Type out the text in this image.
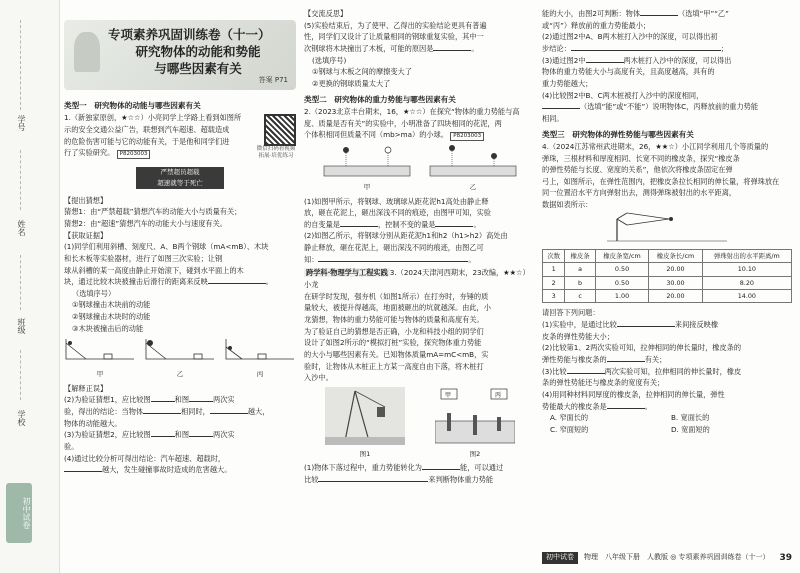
学号
姓名
班级
学校
初中试卷
专项素养巩固训练卷（十一）
研究物体的动能和势能
与哪些因素有关
答案 P71
类型一　研究物体的动能与哪些因素有关
微信扫码看视频 拓展·培优练习
1.（新独家原创，★☆☆）小亮同学上学路上看到如图所
示的安全交通公益广告，联想到汽车超速、超载造成
的危险伤害可能与它的动能有关，于是他和同学们进
行了实验研究。 P8203003
严禁超员超载
超速就等于死亡
【提出猜想】
猜想1：由“严禁超载”猜想汽车的动能大小与质量有关；
猜想2：由“超速”猜想汽车的动能大小与速度有关。
【获取证据】
(1)同学们利用斜槽、刻度尺、A、B两个钢球（mA<mB）、木块
和长木板等实验器材，进行了如图三次实验；让钢
球从斜槽的某一高度由静止开始滚下，碰到水平面上的木
块，通过比较木块被撞击后滑行的距离来反映	。
（选填序号）
①钢球撞击木块前的动能
②钢球撞击木块时的动能
③木块被撞击后的动能
甲	乙	丙
【解释正误】
(2)为验证猜想1，应比较图	和图	两次实
验，得出的结论：当物体	相同时，	越大，
物体的动能越大。
(3)为验证猜想2，应比较图	和图	两次实
验。
(4)通过比较分析可得出结论：汽车超速、超载时，
越大，发生碰撞事故时造成的危害越大。
【交流反思】
(5)实验结束后，为了使甲、乙得出的实验结论更具有普遍
性，同学们又设计了让质量相同的钢球重复实验，其中一
次钢球将木块撞出了木板，可能的原因是	。
(选填序号)
①钢球与木板之间的摩擦变大了
②更换的钢球质量太大了
类型二　研究物体的重力势能与哪些因素有关
2.（2023北京丰台期末，16，★☆☆）在探究“物体的重力势能与高
度、质量是否有关”的实验中，小明准备了四块相同的花泥，两
个体积相同但质量不同（mb>ma）的小球。 P8203003
甲	乙
(1)如图甲所示，将钢球、玻璃球从距花泥h1高处由静止释
放，砸在花泥上，砸出深浅不同的痕迹，由图甲可知，实验
的自变量是	，控制不变的量是	。
(2)如图乙所示，将钢球分别从距花泥h1和h2（h1>h2）高处由
静止释放，砸在花泥上，砸出深浅不同的痕迹，由图乙可
知：	。
跨学科·物理学与工程实践 3.（2024天津河西期末，23改编，★★☆）小龙
在研学时发现，强夯机（如图1所示）在打夯时，夯锤的质
量较大，被提升得越高，地面被砸出的坑就越深。由此，小
龙猜想，物体的重力势能可能与物体的质量和高度有关。
为了验证自己的猜想是否正确，小龙和科技小组的同学们
设计了如图2所示的“模拟打桩”实验，探究物体重力势能
的大小与哪些因素有关。已知物体质量mA=mC<mB，实
验时，让物体从木桩正上方某一高度自由下落，将木桩打
入沙中。
图1
甲	丙
图2
(1)物体下落过程中，重力势能转化为	能，可以通过
比较	来判断物体重力势能
能的大小，由图2可判断：物体	（选填“甲”“乙”
或“丙”）释放前的重力势能最小；
(2)通过图2中A、B两木桩打入沙中的深度，可以得出初
步结论：	；
(3)通过图2中	两木桩打入沙中的深度，可以得出
物体的重力势能大小与高度有关，且高度越高，具有的
重力势能越大；
(4)比较图2中B、C两木桩被打入沙中的深度相同，
（选填“能”或“不能”）说明物体C，丙释放前的重力势能
相同。
类型三　研究物体的弹性势能与哪些因素有关
4.（2024江苏常州武进期末，26，★★☆）小江同学利用几个等质量的
弹珠，三根材料和厚度相同、长宽不同的橡皮条，探究“橡皮条
的弹性势能与长度、宽度的关系”，他依次将橡皮条固定在弹
弓上，如图所示，在弹性范围内，把橡皮条拉长相同的伸长量，将弹珠放在
同一位置沿水平方向弹射出去，测得弹珠被射出的水平距离，
数据如表所示：
次数	橡皮条	橡皮条宽/cm	橡皮条长/cm	弹珠射出的水平距离/m
1	a	0.50	20.00	10.10
2	b	0.50	30.00	8.20
3	c	1.00	20.00	14.00
请回答下列问题：
(1)实验中，是通过比较	来间接反映橡
皮条的弹性势能大小；
(2)比较第1、2两次实验可知，拉伸相同的伸长量时，橡皮条的
弹性势能与橡皮条的	有关；
(3)比较	两次实验可知，拉伸相同的伸长量时，橡皮
条的弹性势能还与橡皮条的宽度有关；
(4)用同种材料同厚度的橡皮条，拉伸相同的伸长量，弹性
势能最大的橡皮条是	。
A. 窄面长的	B. 宽面长的
C. 窄面短的	D. 宽面短的
初中试卷	物理　八年级下册　人教版 ◎ 专项素养巩固训练卷（十一） 39
